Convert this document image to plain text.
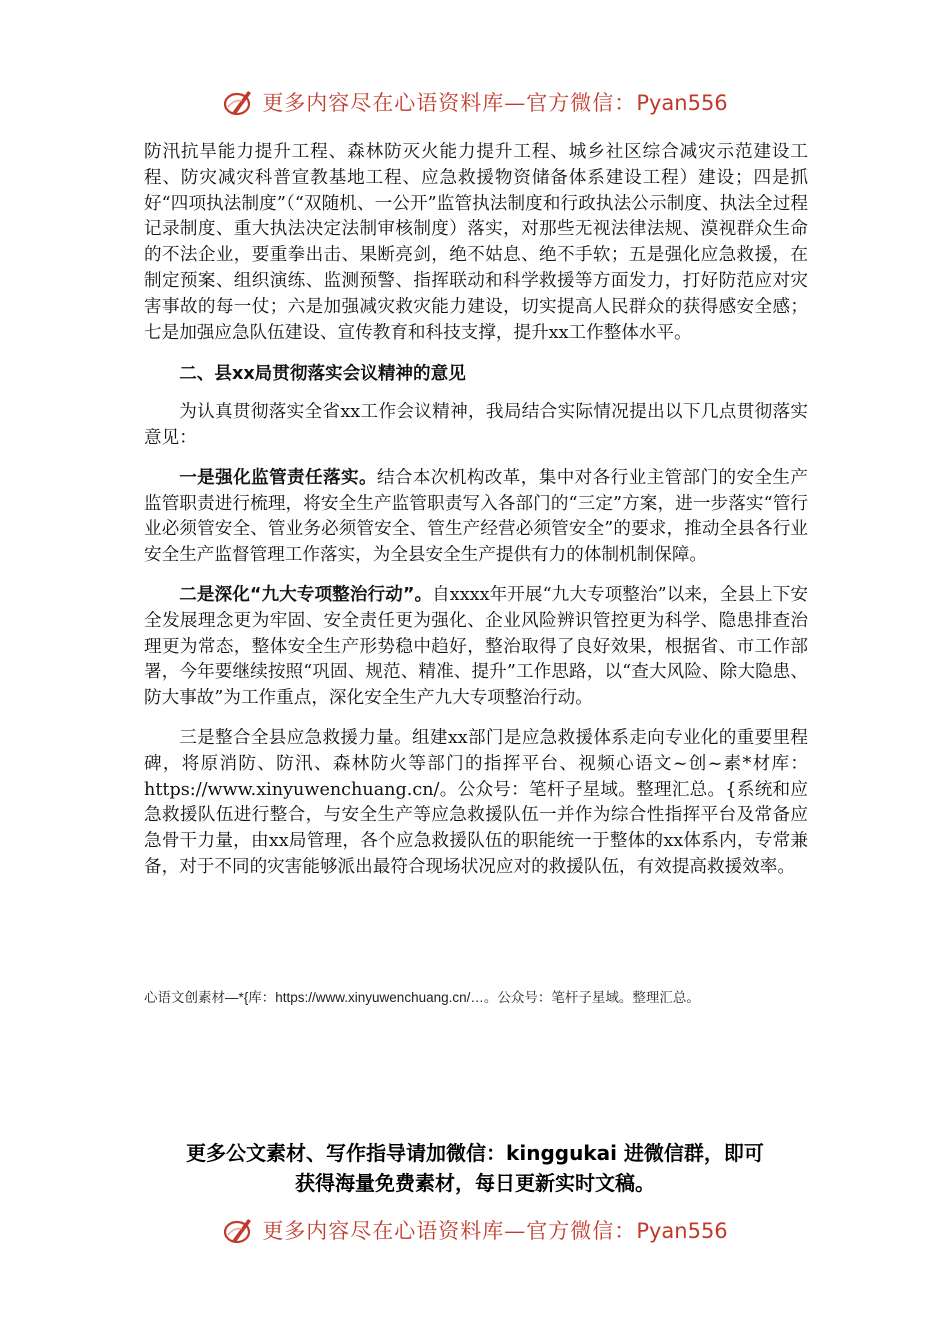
更多内容尽在心语资料库—官方微信：Pyan556

防汛抗旱能力提升工程、森林防灭火能力提升工程、城乡社区综合减灾示范建设工程、防灾减灾科普宣教基地工程、应急救援物资储备体系建设工程）建设；四是抓好“四项执法制度”（“双随机、一公开”监管执法制度和行政执法公示制度、执法全过程记录制度、重大执法决定法制审核制度）落实，对那些无视法律法规、漠视群众生命的不法企业，要重拳出击、果断亮剑，绝不姑息、绝不手软；五是强化应急救援，在制定预案、组织演练、监测预警、指挥联动和科学救援等方面发力，打好防范应对灾害事故的每一仗；六是加强减灾救灾能力建设，切实提高人民群众的获得感安全感；七是加强应急队伍建设、宣传教育和科技支撑，提升xx工作整体水平。

二、县xx局贯彻落实会议精神的意见

为认真贯彻落实全省xx工作会议精神，我局结合实际情况提出以下几点贯彻落实意见：

一是强化监管责任落实。结合本次机构改革，集中对各行业主管部门的安全生产监管职责进行梳理，将安全生产监管职责写入各部门的“三定”方案，进一步落实“管行业必须管安全、管业务必须管安全、管生产经营必须管安全”的要求，推动全县各行业安全生产监督管理工作落实，为全县安全生产提供有力的体制机制保障。

二是深化“九大专项整治行动”。自xxxx年开展“九大专项整治”以来，全县上下安全发展理念更为牢固、安全责任更为强化、企业风险辨识管控更为科学、隐患排查治理更为常态，整体安全生产形势稳中趋好，整治取得了良好效果，根据省、市工作部署，今年要继续按照“巩固、规范、精准、提升”工作思路，以“查大风险、除大隐患、防大事故”为工作重点，深化安全生产九大专项整治行动。

三是整合全县应急救援力量。组建xx部门是应急救援体系走向专业化的重要里程碑，将原消防、防汛、森林防火等部门的指挥平台、视频心语文~创~素*材库：https://www.xinyuwenchuang.cn/。公众号：笔杆子星域。整理汇总。{系统和应急救援队伍进行整合，与安全生产等应急救援队伍一并作为综合性指挥平台及常备应急骨干力量，由xx局管理，各个应急救援队伍的职能统一于整体的xx体系内，专常兼备，对于不同的灾害能够派出最符合现场状况应对的救援队伍，有效提高救援效率。

心语文创素材—*{库：https://www.xinyuwenchuang.cn/…。公众号：笔杆子星域。整理汇总。
更多公文素材、写作指导请加微信：kinggukai 进微信群，即可
获得海量免费素材，每日更新实时文稿。
更多内容尽在心语资料库—官方微信：Pyan556
